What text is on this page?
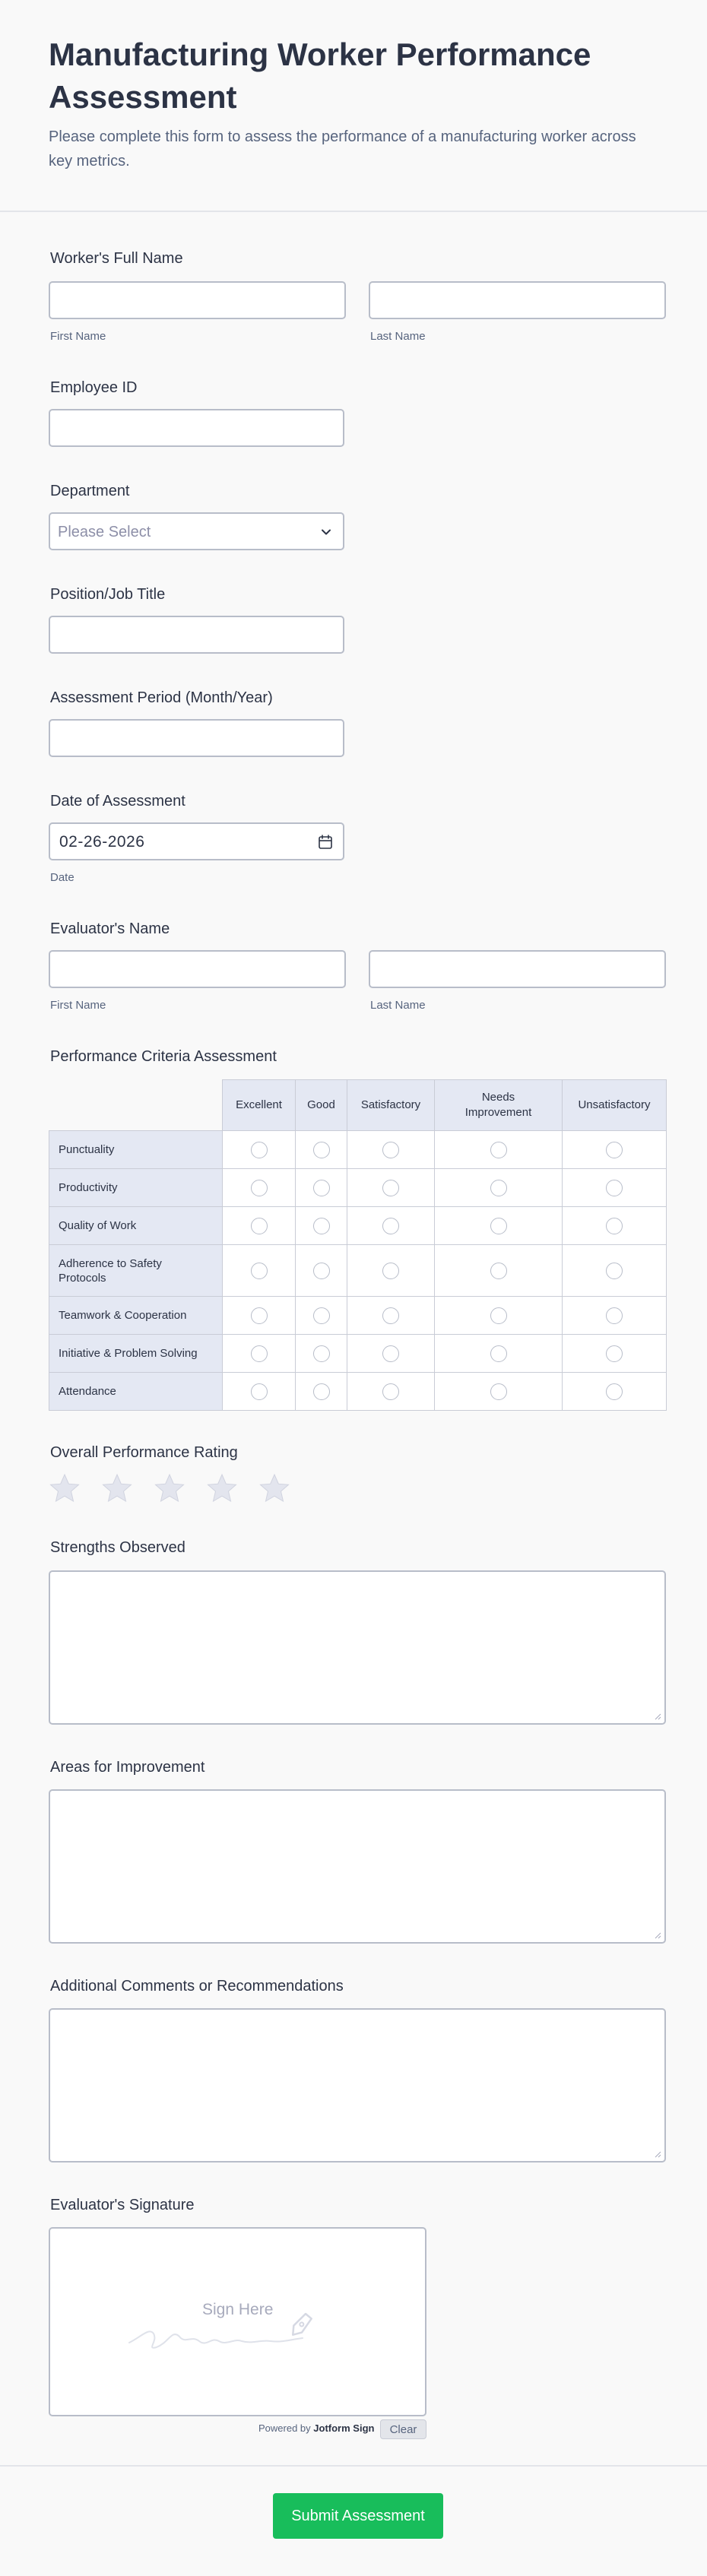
Manufacturing Worker Performance Assessment

Please complete this form to assess the performance of a manufacturing worker across key metrics.

Worker's Full Name
First Name	Last Name
Employee ID
Department
Please Select
Position/Job Title
Assessment Period (Month/Year)
Date of Assessment
02-26-2026
Date
Evaluator's Name
First Name	Last Name
Performance Criteria Assessment
	Excellent	Good	Satisfactory	Needs Improvement	Unsatisfactory
Punctuality					
Productivity					
Quality of Work					
Adherence to Safety Protocols					
Teamwork & Cooperation					
Initiative & Problem Solving					
Attendance					
Overall Performance Rating
Strengths Observed
Areas for Improvement
Additional Comments or Recommendations
Evaluator's Signature
Sign Here
Powered by Jotform Sign	Clear
Submit Assessment
